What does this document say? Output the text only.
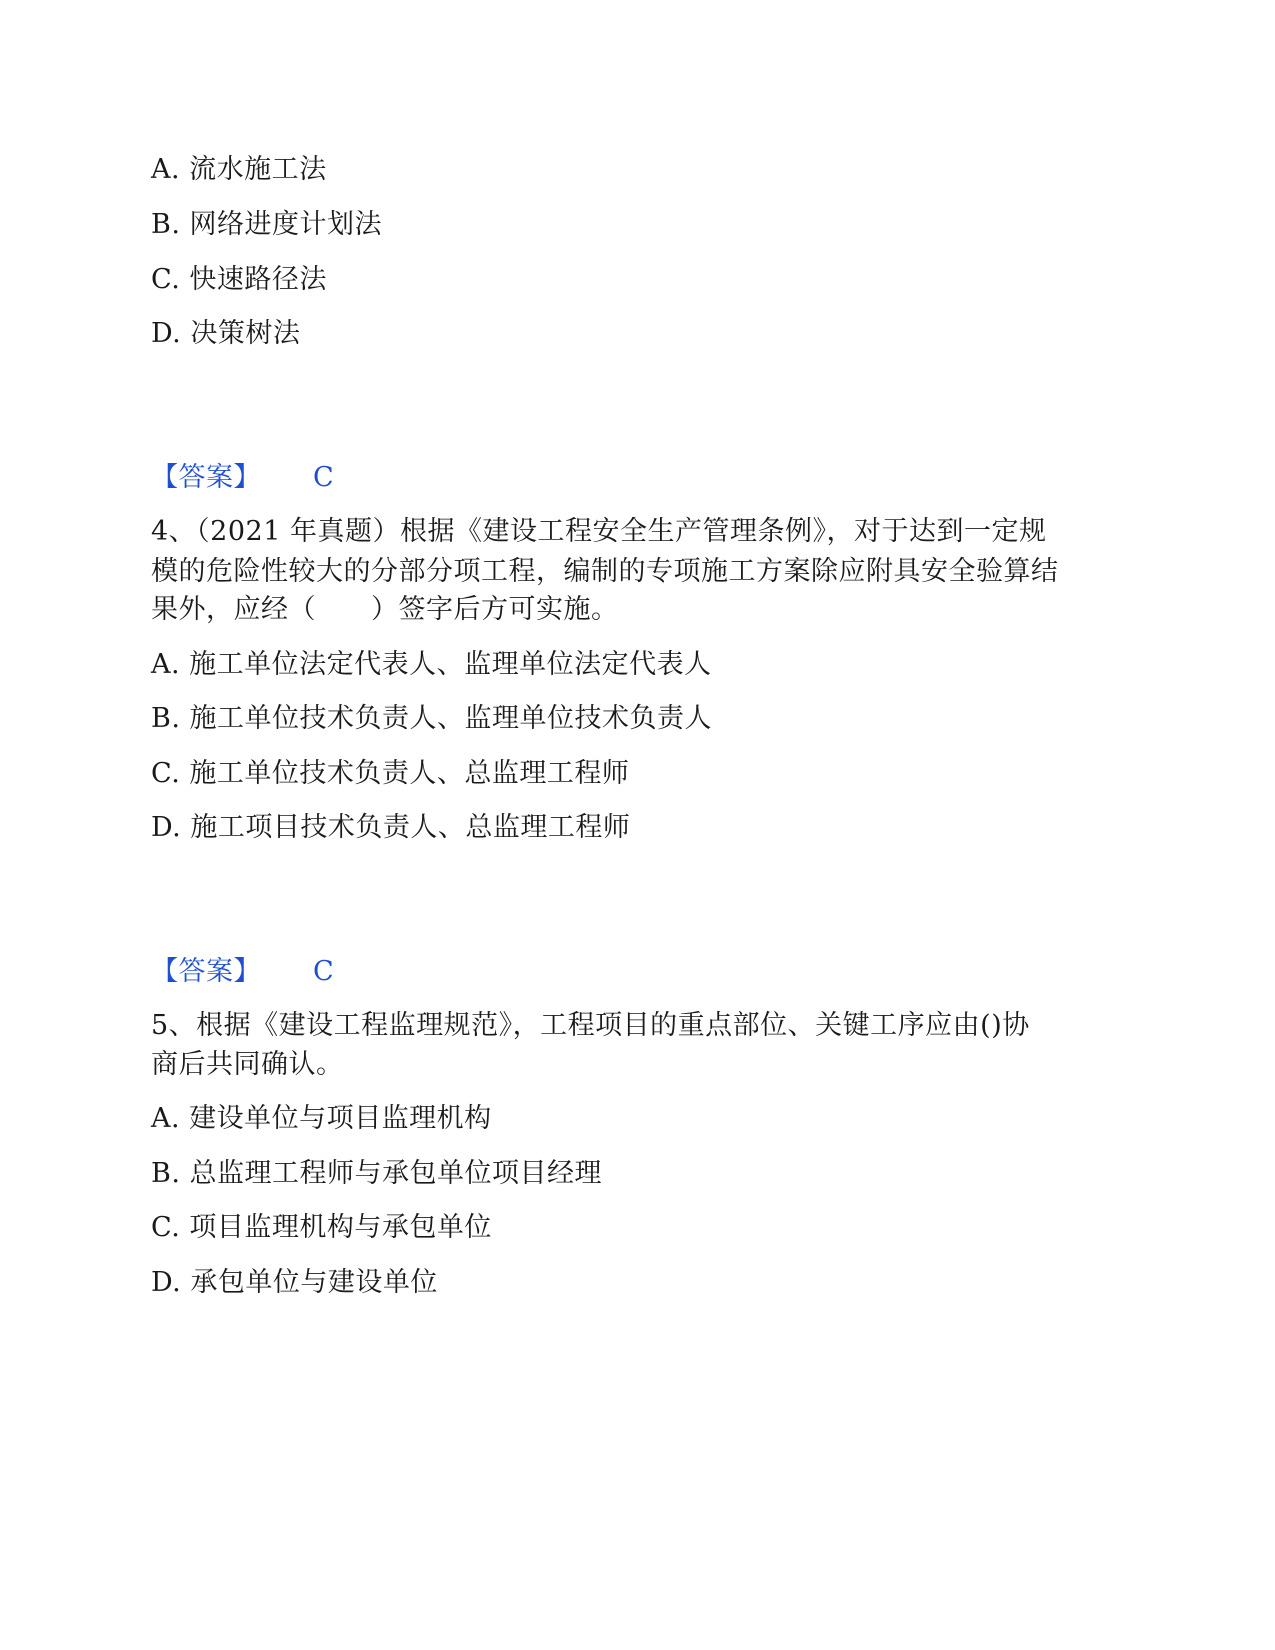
A. 流水施工法
B. 网络进度计划法
C. 快速路径法
D. 决策树法
【答案】 C
4、（2021 年真题）根据《建设工程安全生产管理条例》，对于达到一定规
模的危险性较大的分部分项工程，编制的专项施工方案除应附具安全验算结
果外，应经（　　）签字后方可实施。
A. 施工单位法定代表人、监理单位法定代表人
B. 施工单位技术负责人、监理单位技术负责人
C. 施工单位技术负责人、总监理工程师
D. 施工项目技术负责人、总监理工程师
【答案】 C
5、根据《建设工程监理规范》，工程项目的重点部位、关键工序应由()协
商后共同确认。
A. 建设单位与项目监理机构
B. 总监理工程师与承包单位项目经理
C. 项目监理机构与承包单位
D. 承包单位与建设单位
